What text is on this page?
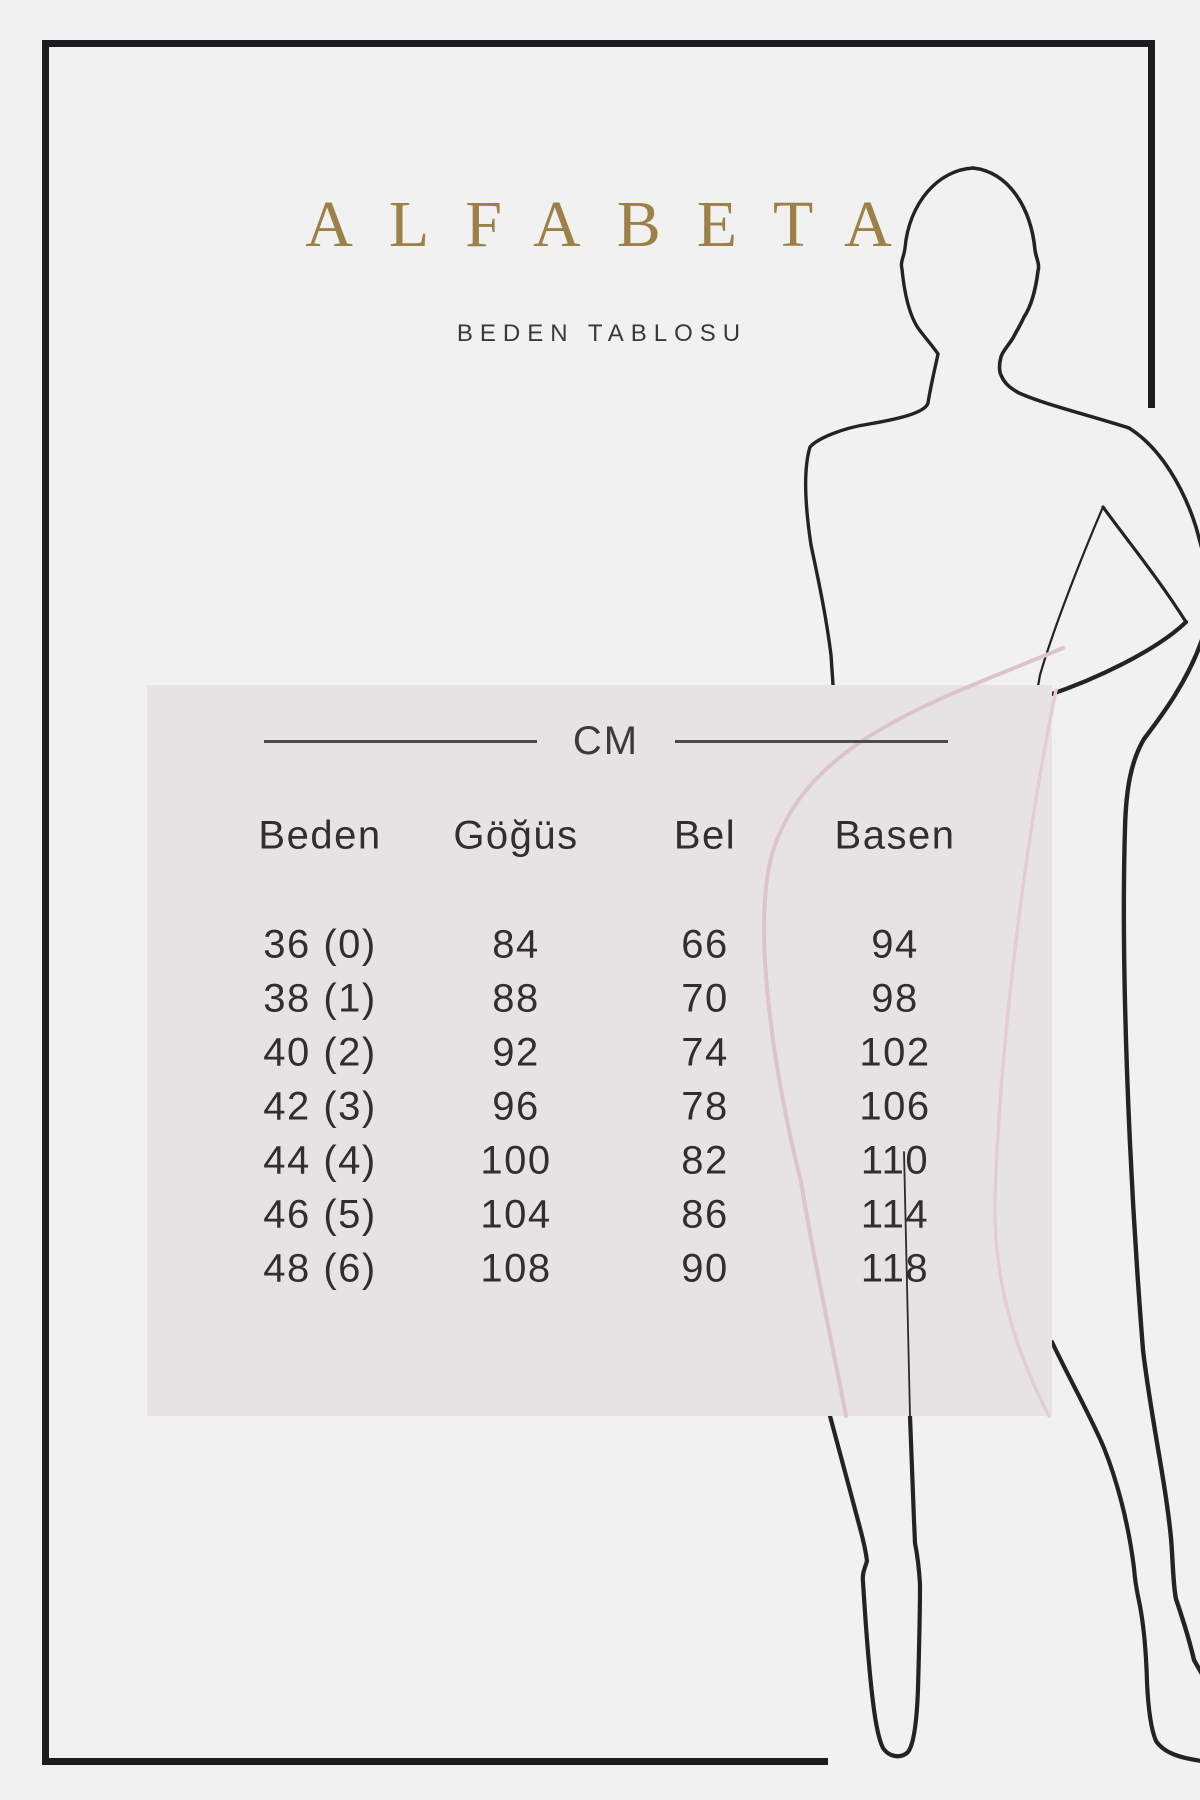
ALFABETA
BEDEN TABLOSU
CM
Beden Göğüs Bel Basen
36 (0)	84	66	94
38 (1)	88	70	98
40 (2)	92	74	102
42 (3)	96	78	106
44 (4)	100	82	110
46 (5)	104	86	114
48 (6)	108	90	118
